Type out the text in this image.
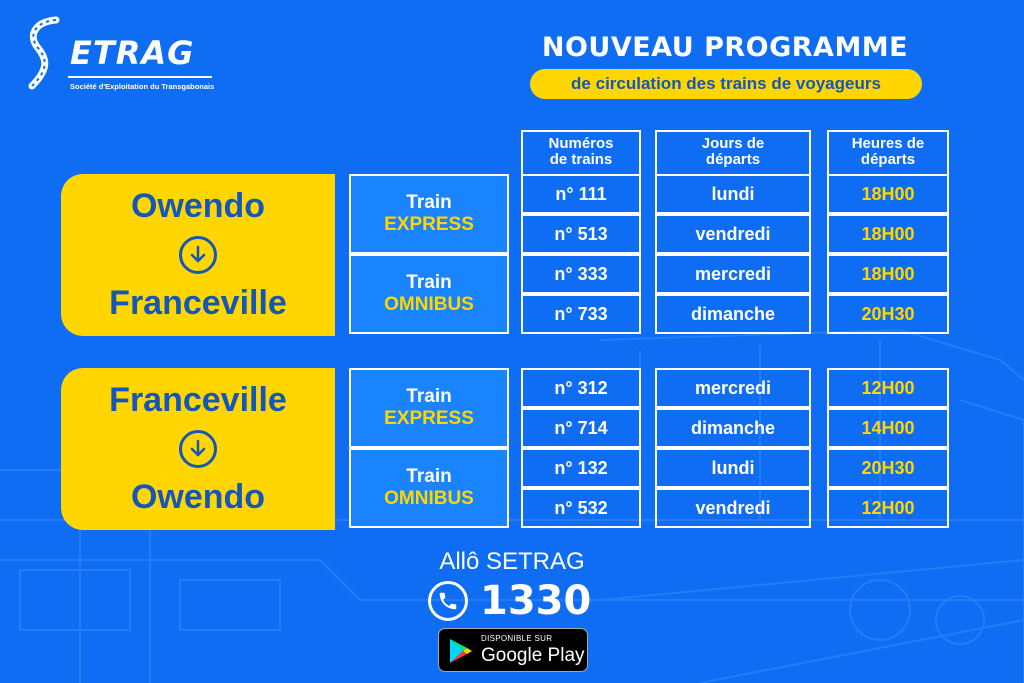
ETRAG
Société d'Exploitation du Transgabonais
NOUVEAU PROGRAMME
de circulation des trains de voyageurs
Numéros
de trains
Jours de
départs
Heures de
départs
Owendo
Franceville
Train
EXPRESS
Train
OMNIBUS
n° 111
n° 513
n° 333
n° 733
lundi
vendredi
mercredi
dimanche
18H00
18H00
18H00
20H30
Franceville
Owendo
Train
EXPRESS
Train
OMNIBUS
n° 312
n° 714
n° 132
n° 532
mercredi
dimanche
lundi
vendredi
12H00
14H00
20H30
12H00
Allô SETRAG
1330
DISPONIBLE SUR
Google Play
